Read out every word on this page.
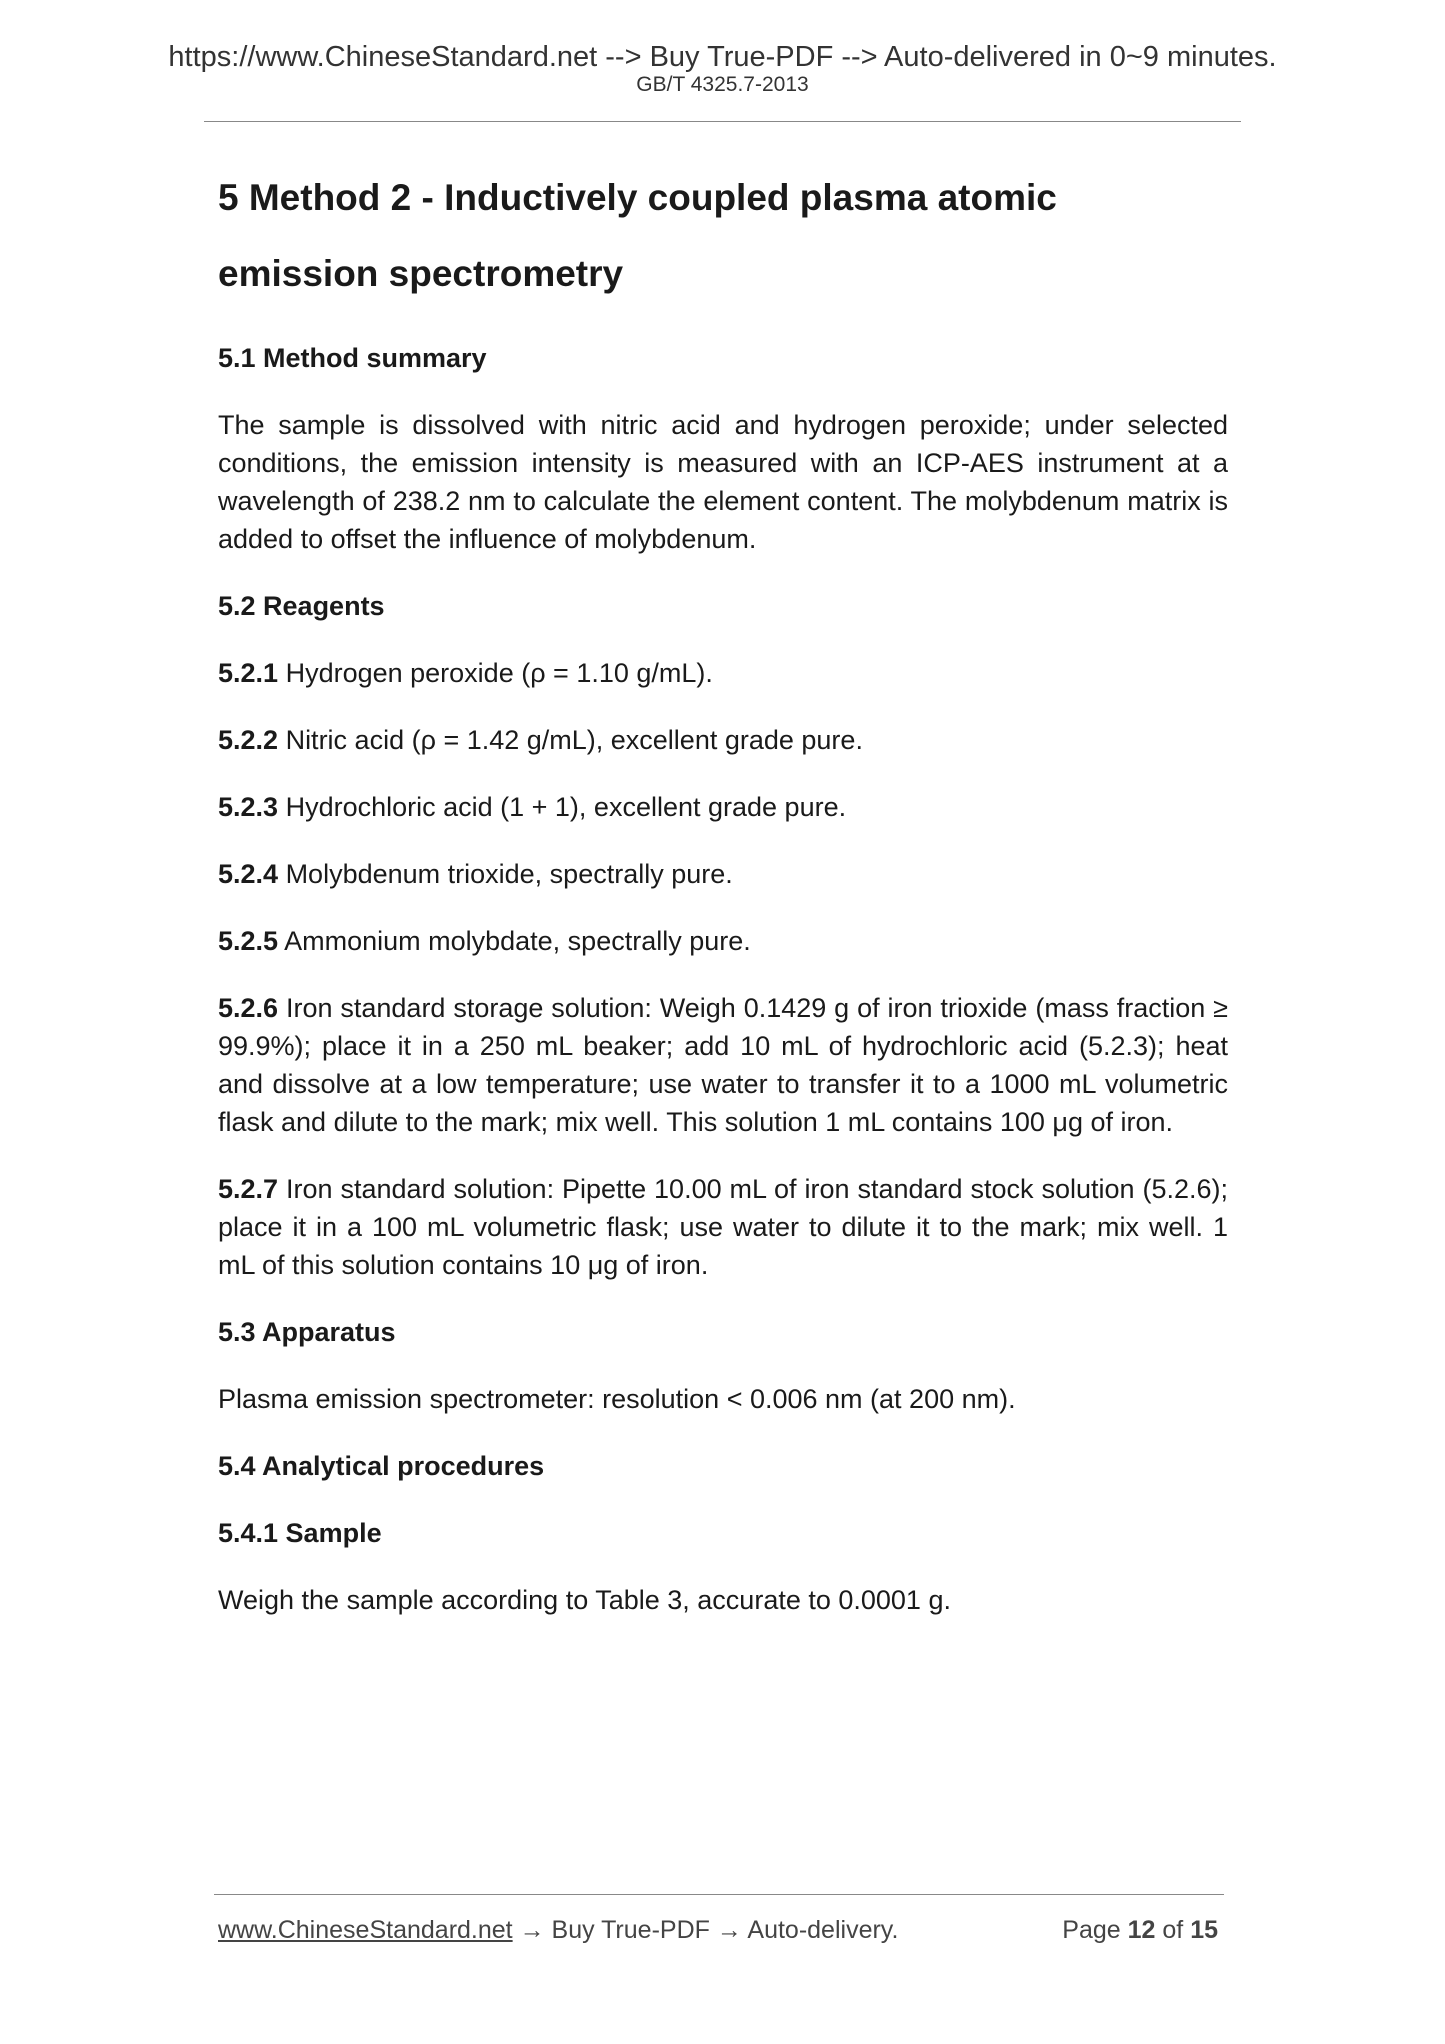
https://www.ChineseStandard.net --> Buy True-PDF --> Auto-delivered in 0~9 minutes.
GB/T 4325.7-2013
5 Method 2 - Inductively coupled plasma atomic
emission spectrometry
5.1 Method summary

The sample is dissolved with nitric acid and hydrogen peroxide; under selected conditions, the emission intensity is measured with an ICP-AES instrument at a wavelength of 238.2 nm to calculate the element content. The molybdenum matrix is added to offset the influence of molybdenum.

5.2 Reagents

5.2.1 Hydrogen peroxide (ρ = 1.10 g/mL).

5.2.2 Nitric acid (ρ = 1.42 g/mL), excellent grade pure.

5.2.3 Hydrochloric acid (1 + 1), excellent grade pure.

5.2.4 Molybdenum trioxide, spectrally pure.

5.2.5 Ammonium molybdate, spectrally pure.

5.2.6 Iron standard storage solution: Weigh 0.1429 g of iron trioxide (mass fraction ≥ 99.9%); place it in a 250 mL beaker; add 10 mL of hydrochloric acid (5.2.3); heat and dissolve at a low temperature; use water to transfer it to a 1000 mL volumetric flask and dilute to the mark; mix well. This solution 1 mL contains 100 μg of iron.

5.2.7 Iron standard solution: Pipette 10.00 mL of iron standard stock solution (5.2.6); place it in a 100 mL volumetric flask; use water to dilute it to the mark; mix well. 1 mL of this solution contains 10 μg of iron.

5.3 Apparatus

Plasma emission spectrometer: resolution < 0.006 nm (at 200 nm).

5.4 Analytical procedures
5.4.1 Sample

Weigh the sample according to Table 3, accurate to 0.0001 g.

www.ChineseStandard.net → Buy True-PDF → Auto-delivery.	Page 12 of 15
